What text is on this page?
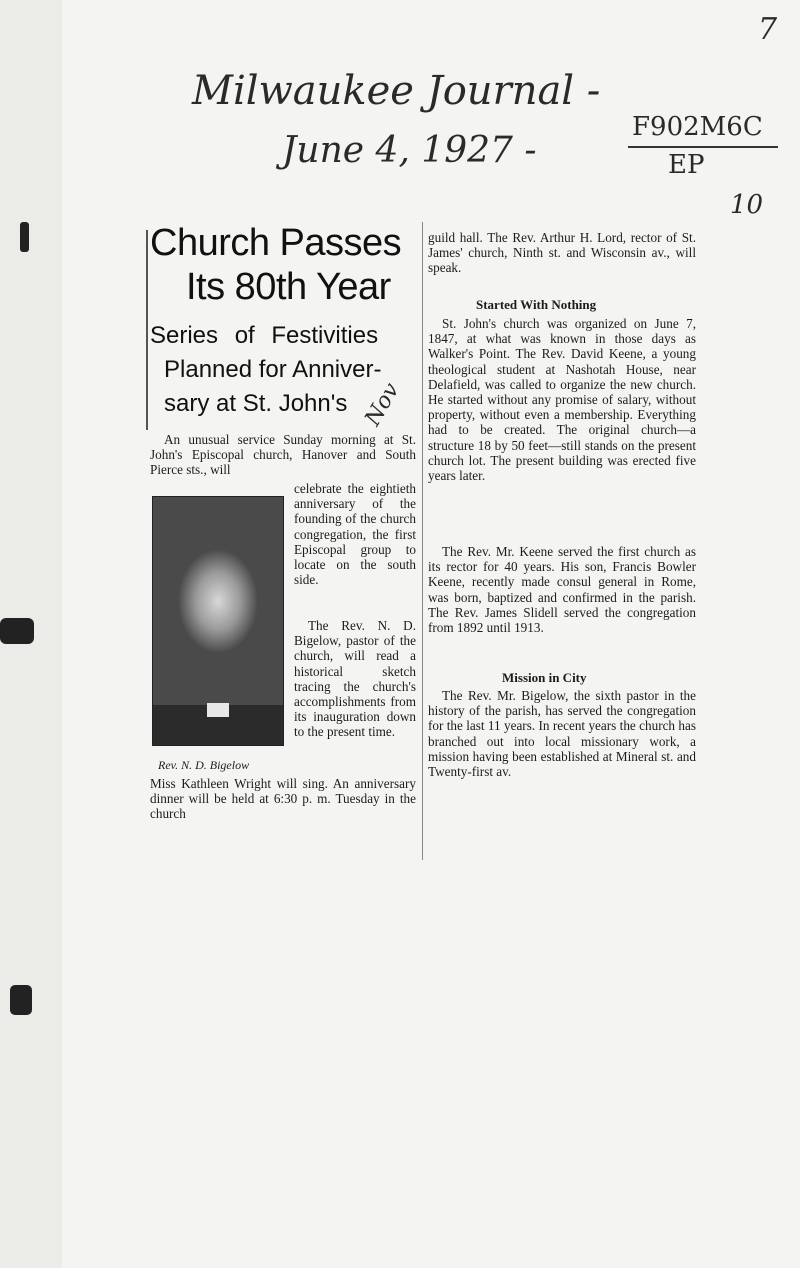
Milwaukee Journal -
June 4, 1927 -
F902M6C
EP
10
7
Church Passes
Its 80th Year
Series of Festivities
Planned for Anniver-
sary at St. John's Nov

An unusual service Sunday morning at St. John's Episcopal church, Hanover and South Pierce sts., will

Rev. N. D. Bigelow

celebrate the eightieth anniversary of the founding of the church congregation, the first Episcopal group to locate on the south side.

The Rev. N. D. Bigelow, pastor of the church, will read a historical sketch tracing the church's accomplishments from its inauguration down to the present time.

Miss Kathleen Wright will sing. An anniversary dinner will be held at 6:30 p. m. Tuesday in the church

guild hall. The Rev. Arthur H. Lord, rector of St. James' church, Ninth st. and Wisconsin av., will speak.

Started With Nothing

St. John's church was organized on June 7, 1847, at what was known in those days as Walker's Point. The Rev. David Keene, a young theological student at Nashotah House, near Delafield, was called to organize the new church. He started without any promise of salary, without property, without even a membership. Everything had to be created. The original church—a structure 18 by 50 feet—still stands on the present church lot. The present building was erected five years later.

The Rev. Mr. Keene served the first church as its rector for 40 years. His son, Francis Bowler Keene, recently made consul general in Rome, was born, baptized and confirmed in the parish. The Rev. James Slidell served the congregation from 1892 until 1913.

Mission in City

The Rev. Mr. Bigelow, the sixth pastor in the history of the parish, has served the congregation for the last 11 years. In recent years the church has branched out into local missionary work, a mission having been established at Mineral st. and Twenty-first av.
